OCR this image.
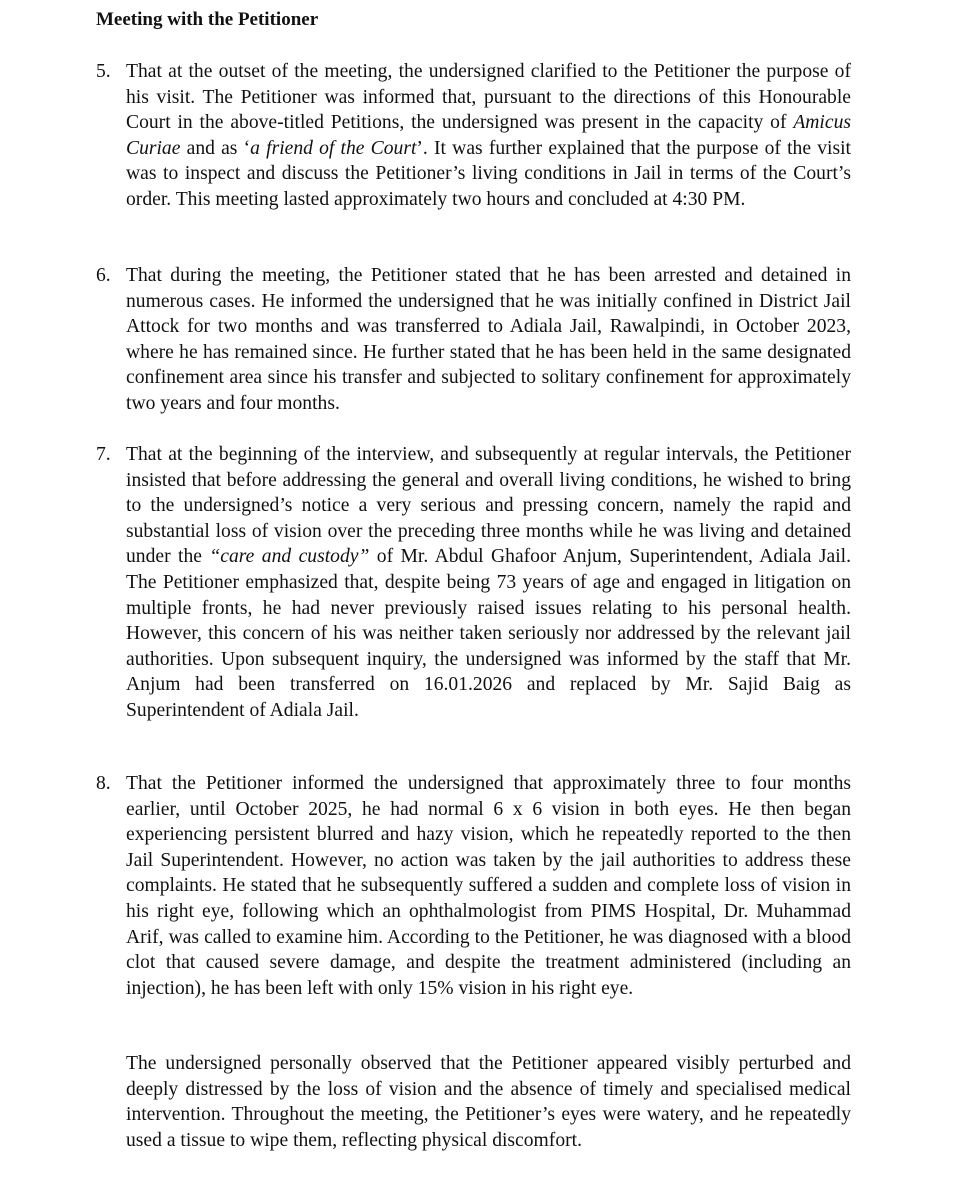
Meeting with the Petitioner
5. That at the outset of the meeting, the undersigned clarified to the Petitioner the purpose of his visit. The Petitioner was informed that, pursuant to the directions of this Honourable Court in the above-titled Petitions, the undersigned was present in the capacity of Amicus Curiae and as ‘a friend of the Court’. It was further explained that the purpose of the visit was to inspect and discuss the Petitioner’s living conditions in Jail in terms of the Court’s order. This meeting lasted approximately two hours and concluded at 4:30 PM.

6. That during the meeting, the Petitioner stated that he has been arrested and detained in numerous cases. He informed the undersigned that he was initially confined in District Jail Attock for two months and was transferred to Adiala Jail, Rawalpindi, in October 2023, where he has remained since. He further stated that he has been held in the same designated confinement area since his transfer and subjected to solitary confinement for approximately two years and four months.

7. That at the beginning of the interview, and subsequently at regular intervals, the Petitioner insisted that before addressing the general and overall living conditions, he wished to bring to the undersigned’s notice a very serious and pressing concern, namely the rapid and substantial loss of vision over the preceding three months while he was living and detained under the “care and custody” of Mr. Abdul Ghafoor Anjum, Superintendent, Adiala Jail. The Petitioner emphasized that, despite being 73 years of age and engaged in litigation on multiple fronts, he had never previously raised issues relating to his personal health. However, this concern of his was neither taken seriously nor addressed by the relevant jail authorities. Upon subsequent inquiry, the undersigned was informed by the staff that Mr. Anjum had been transferred on 16.01.2026 and replaced by Mr. Sajid Baig as Superintendent of Adiala Jail.

8. That the Petitioner informed the undersigned that approximately three to four months earlier, until October 2025, he had normal 6 x 6 vision in both eyes. He then began experiencing persistent blurred and hazy vision, which he repeatedly reported to the then Jail Superintendent. However, no action was taken by the jail authorities to address these complaints. He stated that he subsequently suffered a sudden and complete loss of vision in his right eye, following which an ophthalmologist from PIMS Hospital, Dr. Muhammad Arif, was called to examine him. According to the Petitioner, he was diagnosed with a blood clot that caused severe damage, and despite the treatment administered (including an injection), he has been left with only 15% vision in his right eye.

The undersigned personally observed that the Petitioner appeared visibly perturbed and deeply distressed by the loss of vision and the absence of timely and specialised medical intervention. Throughout the meeting, the Petitioner’s eyes were watery, and he repeatedly used a tissue to wipe them, reflecting physical discomfort.
